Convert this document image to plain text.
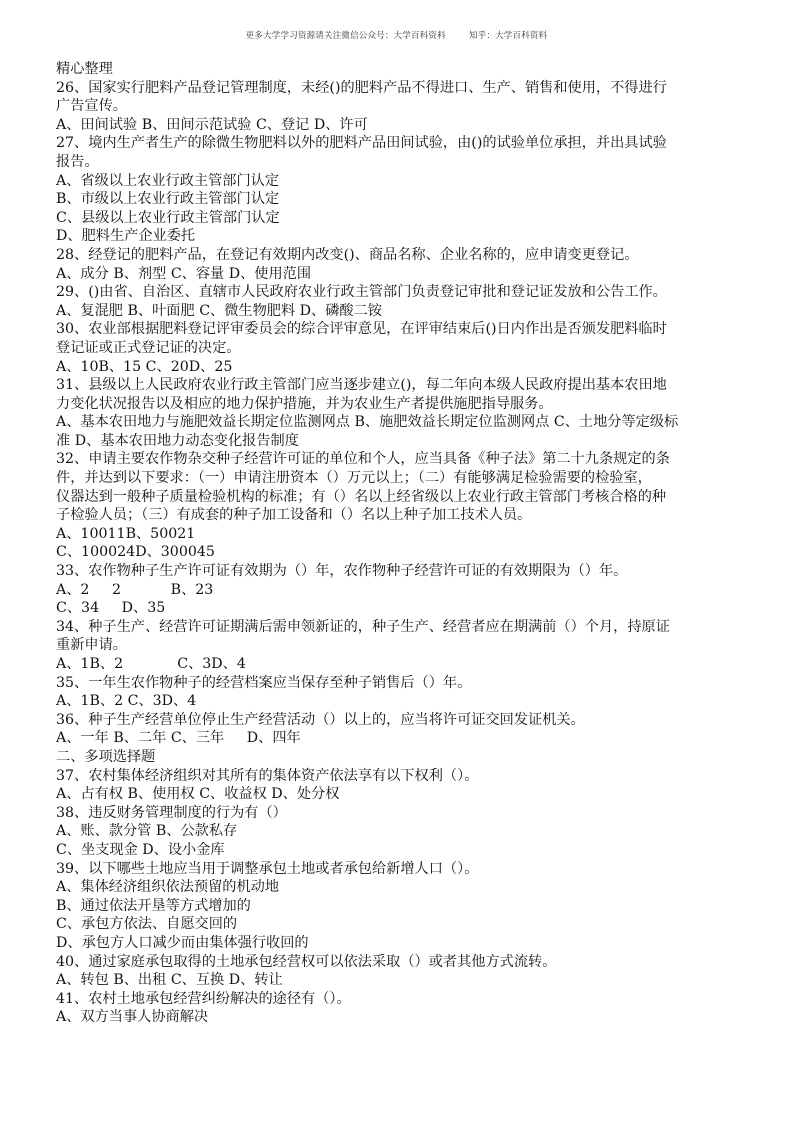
更多大学学习资源请关注微信公众号：大学百科资料        知乎：大学百科资料
精心整理
26、国家实行肥料产品登记管理制度，未经()的肥料产品不得进口、生产、销售和使用，不得进行
广告宣传。
A、田间试验 B、田间示范试验 C、登记 D、许可
27、境内生产者生产的除微生物肥料以外的肥料产品田间试验，由()的试验单位承担，并出具试验
报告。
A、省级以上农业行政主管部门认定
B、市级以上农业行政主管部门认定
C、县级以上农业行政主管部门认定
D、肥料生产企业委托
28、经登记的肥料产品，在登记有效期内改变()、商品名称、企业名称的，应申请变更登记。
A、成分 B、剂型 C、容量 D、使用范围
29、()由省、自治区、直辖市人民政府农业行政主管部门负责登记审批和登记证发放和公告工作。
A、复混肥 B、叶面肥 C、微生物肥料 D、磷酸二铵
30、农业部根据肥料登记评审委员会的综合评审意见，在评审结束后()日内作出是否颁发肥料临时
登记证或正式登记证的决定。
A、10B、15 C、20D、25
31、县级以上人民政府农业行政主管部门应当逐步建立()，每二年向本级人民政府提出基本农田地
力变化状况报告以及相应的地力保护措施，并为农业生产者提供施肥指导服务。
A、基本农田地力与施肥效益长期定位监测网点 B、施肥效益长期定位监测网点 C、土地分等定级标
准 D、基本农田地力动态变化报告制度
32、申请主要农作物杂交种子经营许可证的单位和个人，应当具备《种子法》第二十九条规定的条
件，并达到以下要求：（一）申请注册资本（）万元以上；（二）有能够满足检验需要的检验室，
仪器达到一般种子质量检验机构的标准；有（）名以上经省级以上农业行政主管部门考核合格的种
子检验人员；（三）有成套的种子加工设备和（）名以上种子加工技术人员。
A、10011B、50021
C、100024D、300045
33、农作物种子生产许可证有效期为（）年，农作物种子经营许可证的有效期限为（）年。
A、2     2           B、23
C、34     D、35
34、种子生产、经营许可证期满后需申领新证的，种子生产、经营者应在期满前（）个月，持原证
重新申请。
A、1B、2            C、3D、4
35、一年生农作物种子的经营档案应当保存至种子销售后（）年。
A、1B、2 C、3D、4
36、种子生产经营单位停止生产经营活动（）以上的，应当将许可证交回发证机关。
A、一年 B、二年 C、三年     D、四年
二、多项选择题
37、农村集体经济组织对其所有的集体资产依法享有以下权利（）。
A、占有权 B、使用权 C、收益权 D、处分权
38、违反财务管理制度的行为有（）
A、账、款分管 B、公款私存
C、坐支现金 D、设小金库
39、以下哪些土地应当用于调整承包土地或者承包给新增人口（）。
A、集体经济组织依法预留的机动地
B、通过依法开垦等方式增加的
C、承包方依法、自愿交回的
D、承包方人口减少而由集体强行收回的
40、通过家庭承包取得的土地承包经营权可以依法采取（）或者其他方式流转。
A、转包 B、出租 C、互换 D、转让
41、农村土地承包经营纠纷解决的途径有（）。
A、双方当事人协商解决
